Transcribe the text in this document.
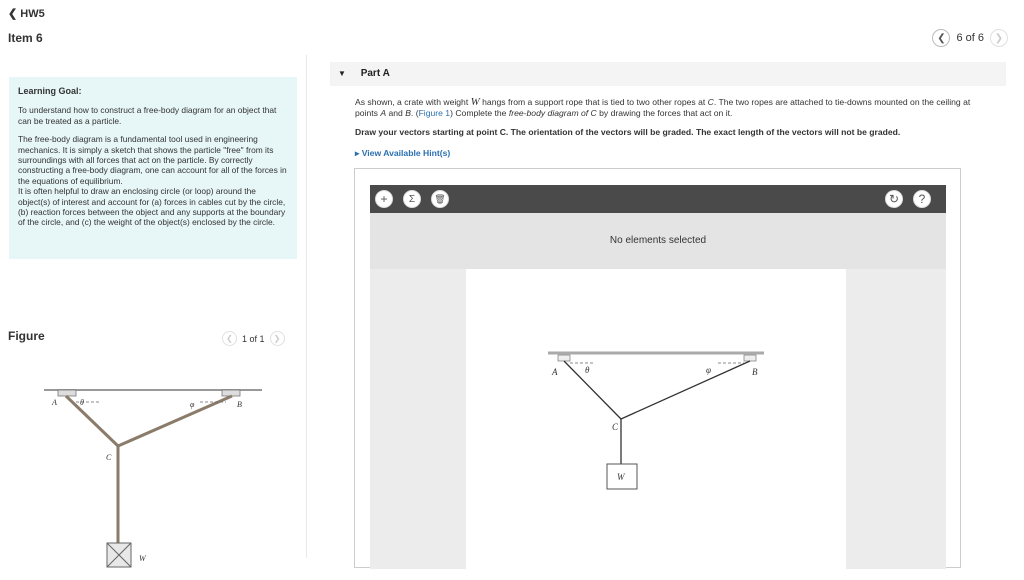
❮ HW5
Item 6	❮ 6 of 6 ❯
Learning Goal:
To understand how to construct a free-body diagram for an object that can be treated as a particle.
The free-body diagram is a fundamental tool used in engineering mechanics. It is simply a sketch that shows the particle "free" from its surroundings with all forces that act on the particle. By correctly constructing a free-body diagram, one can account for all of the forces in the equations of equilibrium.
It is often helpful to draw an enclosing circle (or loop) around the object(s) of interest and account for (a) forces in cables cut by the circle, (b) reaction forces between the object and any supports at the boundary of the circle, and (c) the weight of the object(s) enclosed by the circle.
Figure	❮ 1 of 1 ❯
A	θ	φ	B
C
W
▼ Part A
As shown, a crate with weight W hangs from a support rope that is tied to two other ropes at C. The two ropes are attached to tie-downs mounted on the ceiling at points A and B. (Figure 1) Complete the free-body diagram of C by drawing the forces that act on it.
Draw your vectors starting at point C. The orientation of the vectors will be graded. The exact length of the vectors will not be graded.
▸ View Available Hint(s)
+ Σ 🗑	↻ ?
No elements selected
A	θ	φ	B
C
W
